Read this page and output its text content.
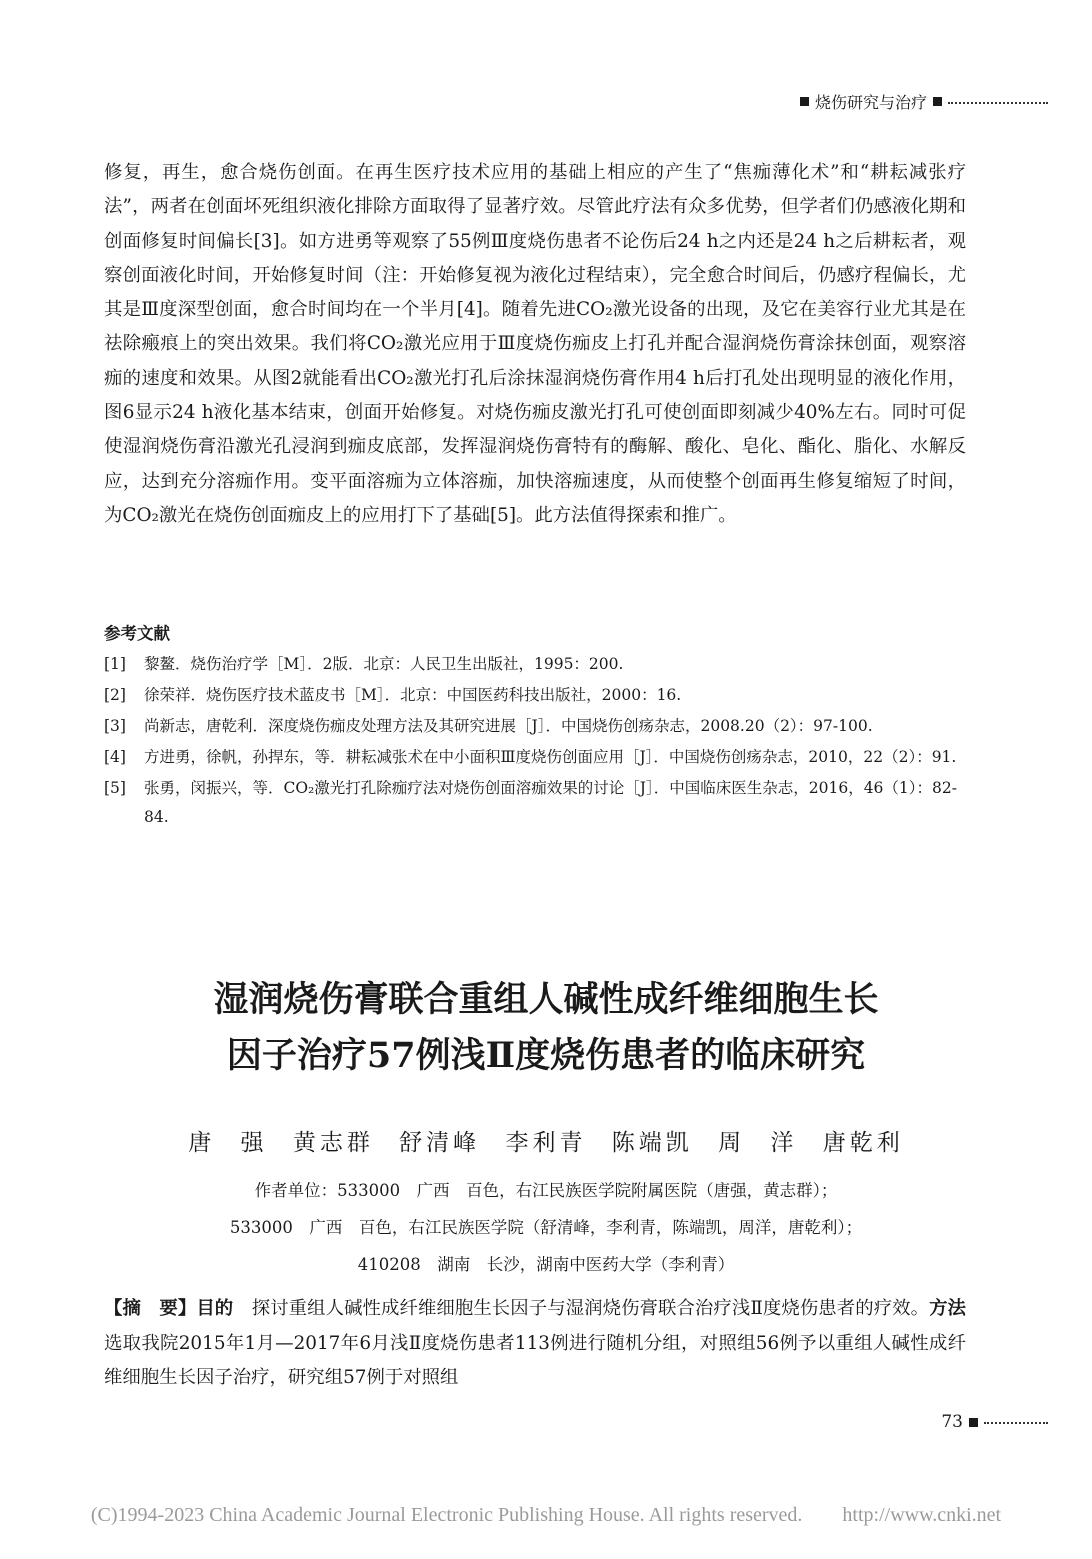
烧伤研究与治疗

修复，再生，愈合烧伤创面。在再生医疗技术应用的基础上相应的产生了“焦痂薄化术”和“耕耘减张疗法”，两者在创面坏死组织液化排除方面取得了显著疗效。尽管此疗法有众多优势，但学者们仍感液化期和创面修复时间偏长[3]。如方进勇等观察了55例Ⅲ度烧伤患者不论伤后24 h之内还是24 h之后耕耘者，观察创面液化时间，开始修复时间（注：开始修复视为液化过程结束），完全愈合时间后，仍感疗程偏长，尤其是Ⅲ度深型创面，愈合时间均在一个半月[4]。随着先进CO₂激光设备的出现，及它在美容行业尤其是在祛除瘢痕上的突出效果。我们将CO₂激光应用于Ⅲ度烧伤痂皮上打孔并配合湿润烧伤膏涂抹创面，观察溶痂的速度和效果。从图2就能看出CO₂激光打孔后涂抹湿润烧伤膏作用4 h后打孔处出现明显的液化作用，图6显示24 h液化基本结束，创面开始修复。对烧伤痂皮激光打孔可使创面即刻减少40%左右。同时可促使湿润烧伤膏沿激光孔浸润到痂皮底部，发挥湿润烧伤膏特有的酶解、酸化、皂化、酯化、脂化、水解反应，达到充分溶痂作用。变平面溶痂为立体溶痂，加快溶痂速度，从而使整个创面再生修复缩短了时间，为CO₂激光在烧伤创面痂皮上的应用打下了基础[5]。此方法值得探索和推广。

参考文献
[1]	黎鳌．烧伤治疗学［M］．2版．北京：人民卫生出版社，1995：200.
[2]	徐荣祥．烧伤医疗技术蓝皮书［M］．北京：中国医药科技出版社，2000：16.
[3]	尚新志，唐乾利．深度烧伤痂皮处理方法及其研究进展［J］．中国烧伤创疡杂志，2008.20（2）：97-100.
[4]	方进勇，徐帆，孙捍东，等．耕耘减张术在中小面积Ⅲ度烧伤创面应用［J］．中国烧伤创疡杂志，2010，22（2）：91.
[5]	张勇，闵振兴，等．CO₂激光打孔除痂疗法对烧伤创面溶痂效果的讨论［J］．中国临床医生杂志，2016，46（1）：82-84.
湿润烧伤膏联合重组人碱性成纤维细胞生长
因子治疗57例浅Ⅱ度烧伤患者的临床研究
唐 强 黄志群 舒清峰 李利青 陈端凯 周 洋 唐乾利
作者单位：533000　广西　百色，右江民族医学院附属医院（唐强，黄志群）；
533000　广西　百色，右江民族医学院（舒清峰，李利青，陈端凯，周洋，唐乾利）；
410208　湖南　长沙，湖南中医药大学（李利青）
【摘　要】目的　 探讨重组人碱性成纤维细胞生长因子与湿润烧伤膏联合治疗浅Ⅱ度烧伤患者的疗效。方法　选取我院2015年1月—2017年6月浅Ⅱ度烧伤患者113例进行随机分组，对照组56例予以重组人碱性成纤维细胞生长因子治疗，研究组57例于对照组
73
(C)1994-2023 China Academic Journal Electronic Publishing House. All rights reserved.　　http://www.cnki.net
